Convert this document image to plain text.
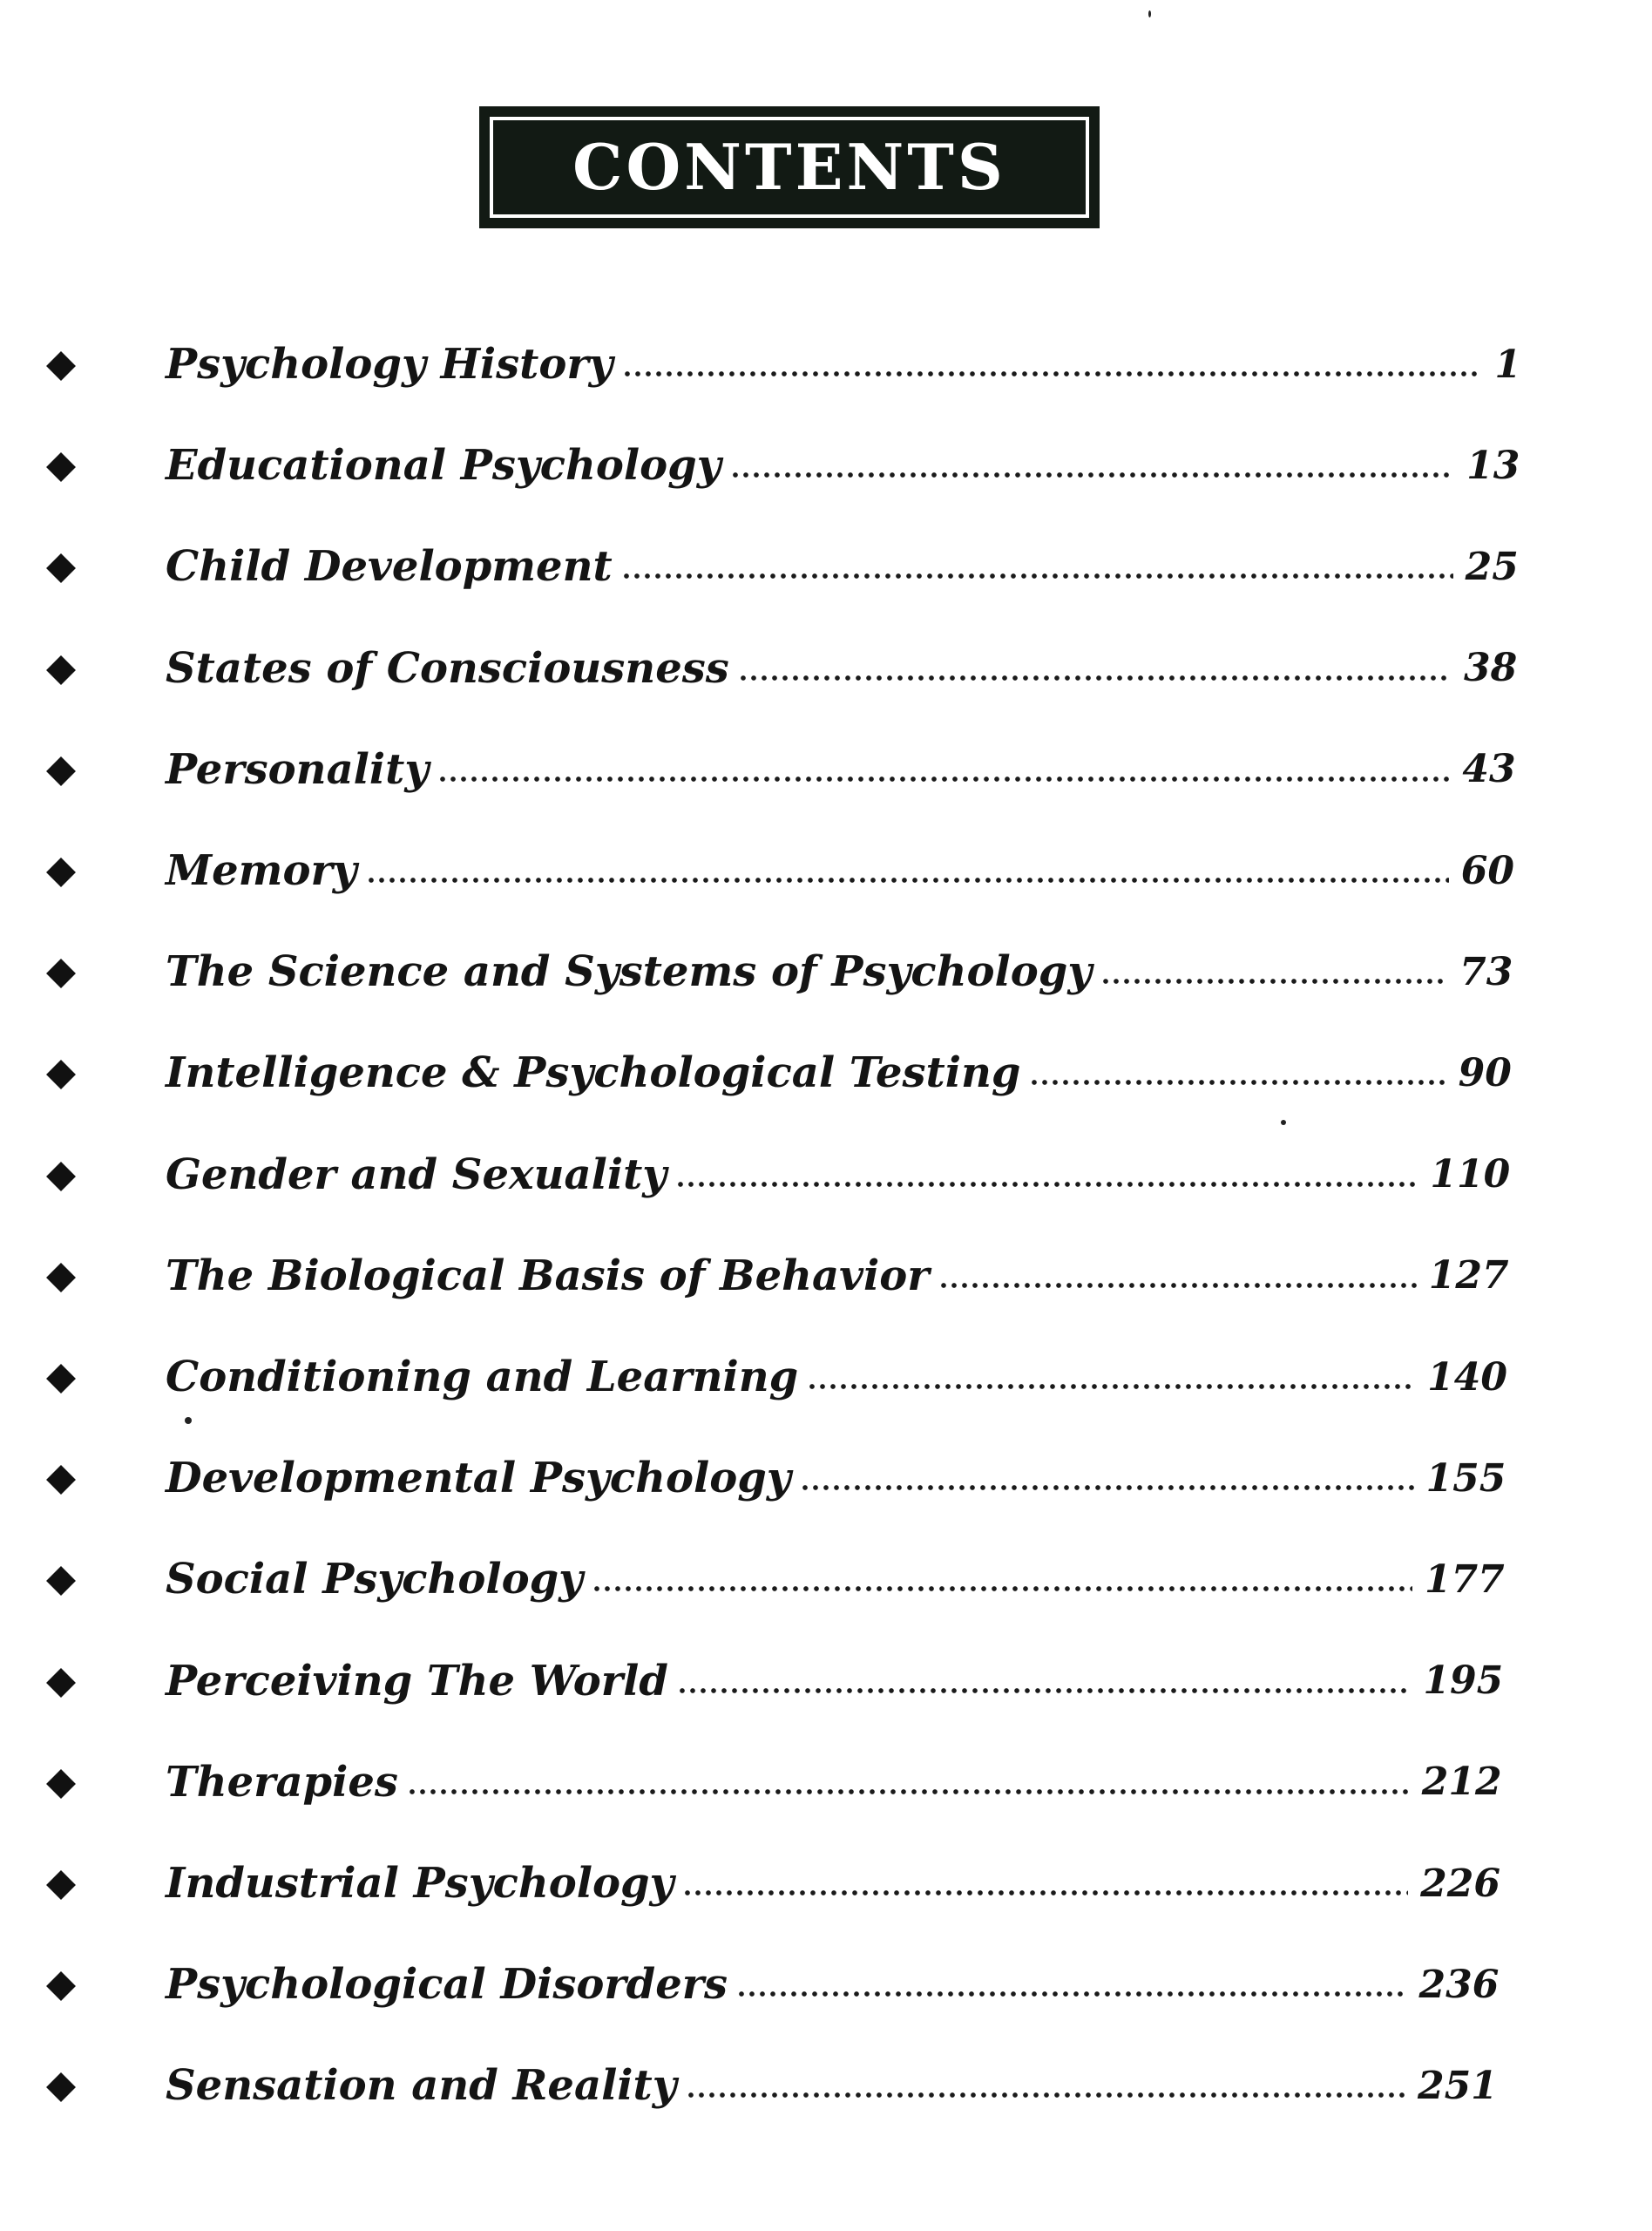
CONTENTS
Psychology History	1
Educational Psychology	13
Child Development	25
States of Consciousness	38
Personality	43
Memory	60
The Science and Systems of Psychology	73
Intelligence & Psychological Testing	90
Gender and Sexuality	110
The Biological Basis of Behavior	127
Conditioning and Learning	140
Developmental Psychology	155
Social Psychology	177
Perceiving The World	195
Therapies	212
Industrial Psychology	226
Psychological Disorders	236
Sensation and Reality	251
